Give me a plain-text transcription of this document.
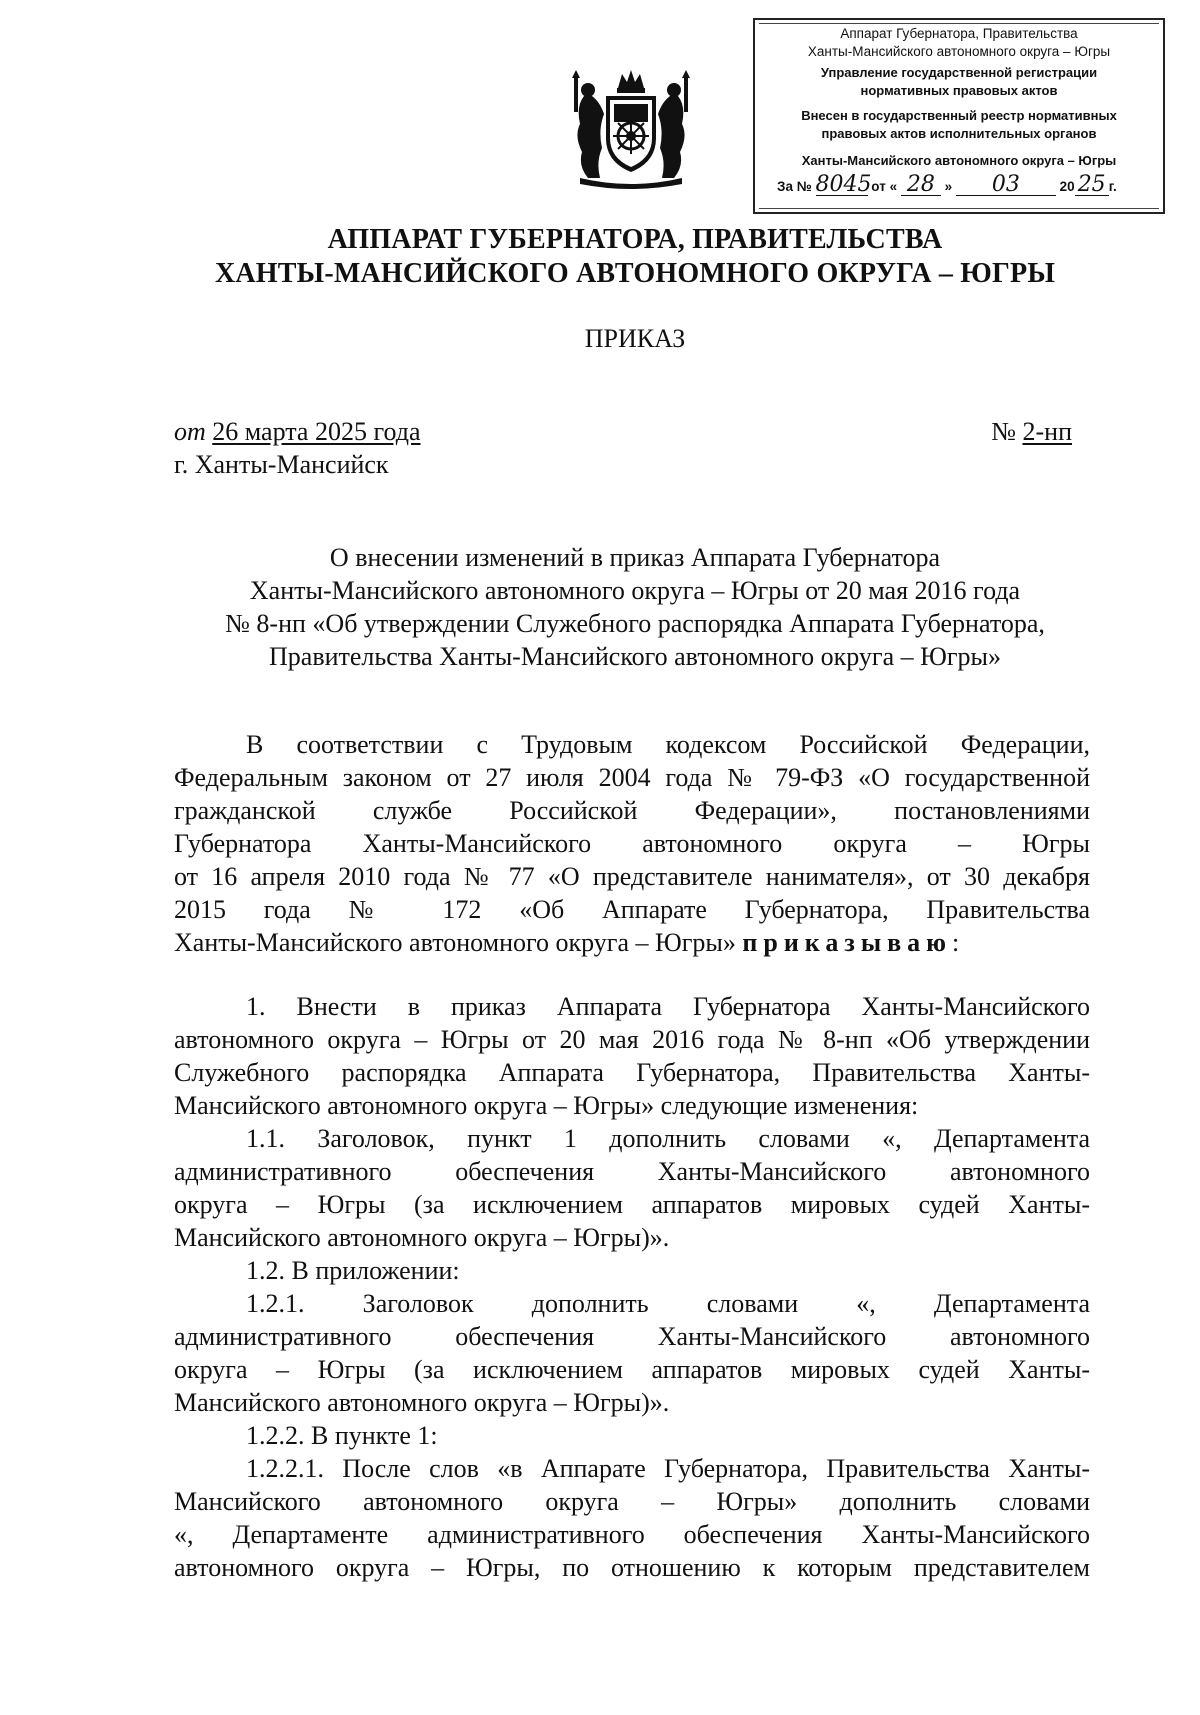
Аппарат Губернатора, Правительства
Ханты-Мансийского автономного округа – Югры
Управление государственной регистрации
нормативных правовых актов
Внесен в государственный реестр нормативных
правовых актов исполнительных органов
Ханты-Мансийского автономного округа – Югры
За № 8045 от « 28 » 03	20 25 г.
АППАРАТ ГУБЕРНАТОРА, ПРАВИТЕЛЬСТВА
ХАНТЫ-МАНСИЙСКОГО АВТОНОМНОГО ОКРУГА – ЮГРЫ
ПРИКАЗ
от 26 марта 2025 года	№ 2-нп
г. Ханты-Мансийск
О внесении изменений в приказ Аппарата Губернатора
Ханты-Мансийского автономного округа – Югры от 20 мая 2016 года
№ 8-нп «Об утверждении Служебного распорядка Аппарата Губернатора,
Правительства Ханты-Мансийского автономного округа – Югры»
В соответствии с Трудовым кодексом Российской Федерации,
Федеральным законом от 27 июля 2004 года № 79-ФЗ «О государственной
гражданской службе Российской Федерации», постановлениями
Губернатора Ханты-Мансийского автономного округа – Югры
от 16 апреля 2010 года № 77 «О представителе нанимателя», от 30 декабря
2015 года № 172 «Об Аппарате Губернатора, Правительства
Ханты-Мансийского автономного округа – Югры» приказываю:
1. Внести в приказ Аппарата Губернатора Ханты-Мансийского
автономного округа – Югры от 20 мая 2016 года № 8-нп «Об утверждении
Служебного распорядка Аппарата Губернатора, Правительства Ханты-
Мансийского автономного округа – Югры» следующие изменения:
1.1. Заголовок, пункт 1 дополнить словами «, Департамента
административного обеспечения Ханты-Мансийского автономного
округа – Югры (за исключением аппаратов мировых судей Ханты-
Мансийского автономного округа – Югры)».
1.2. В приложении:
1.2.1. Заголовок дополнить словами «, Департамента
административного обеспечения Ханты-Мансийского автономного
округа – Югры (за исключением аппаратов мировых судей Ханты-
Мансийского автономного округа – Югры)».
1.2.2. В пункте 1:
1.2.2.1. После слов «в Аппарате Губернатора, Правительства Ханты-
Мансийского автономного округа – Югры» дополнить словами
«, Департаменте административного обеспечения Ханты-Мансийского
автономного округа – Югры, по отношению к которым представителем
